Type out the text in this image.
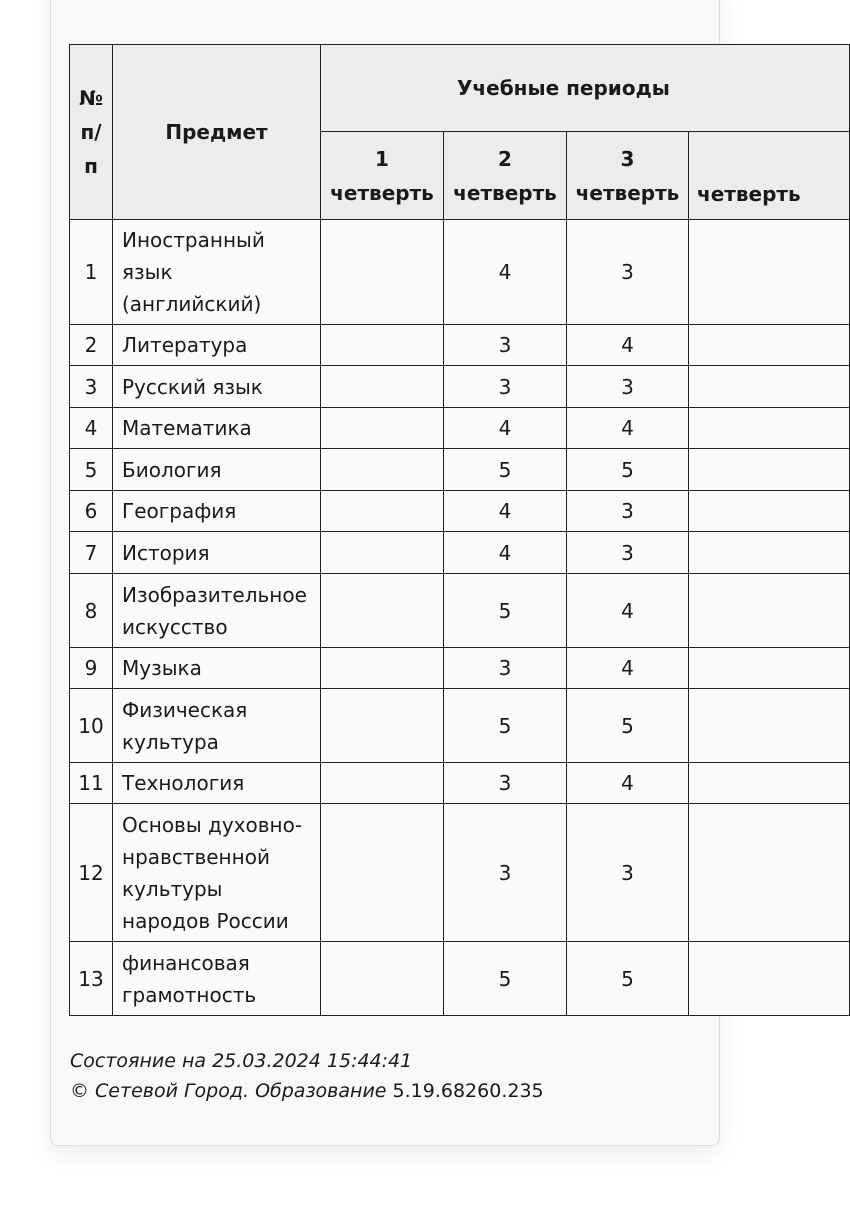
№ п/ п	Предмет	Учебные периоды			
		1 четверть	2 четверть	3 четверть	четверть
1	Иностранный язык (английский)		4	3	
2	Литература		3	4	
3	Русский язык		3	3	
4	Математика		4	4	
5	Биология		5	5	
6	География		4	3	
7	История		4	3	
8	Изобразительное искусство		5	4	
9	Музыка		3	4	
10	Физическая культура		5	5	
11	Технология		3	4	
12	Основы духовно-нравственной культуры народов России		3	3	
13	финансовая грамотность		5	5	
Состояние на 25.03.2024 15:44:41
© Сетевой Город. Образование 5.19.68260.235
